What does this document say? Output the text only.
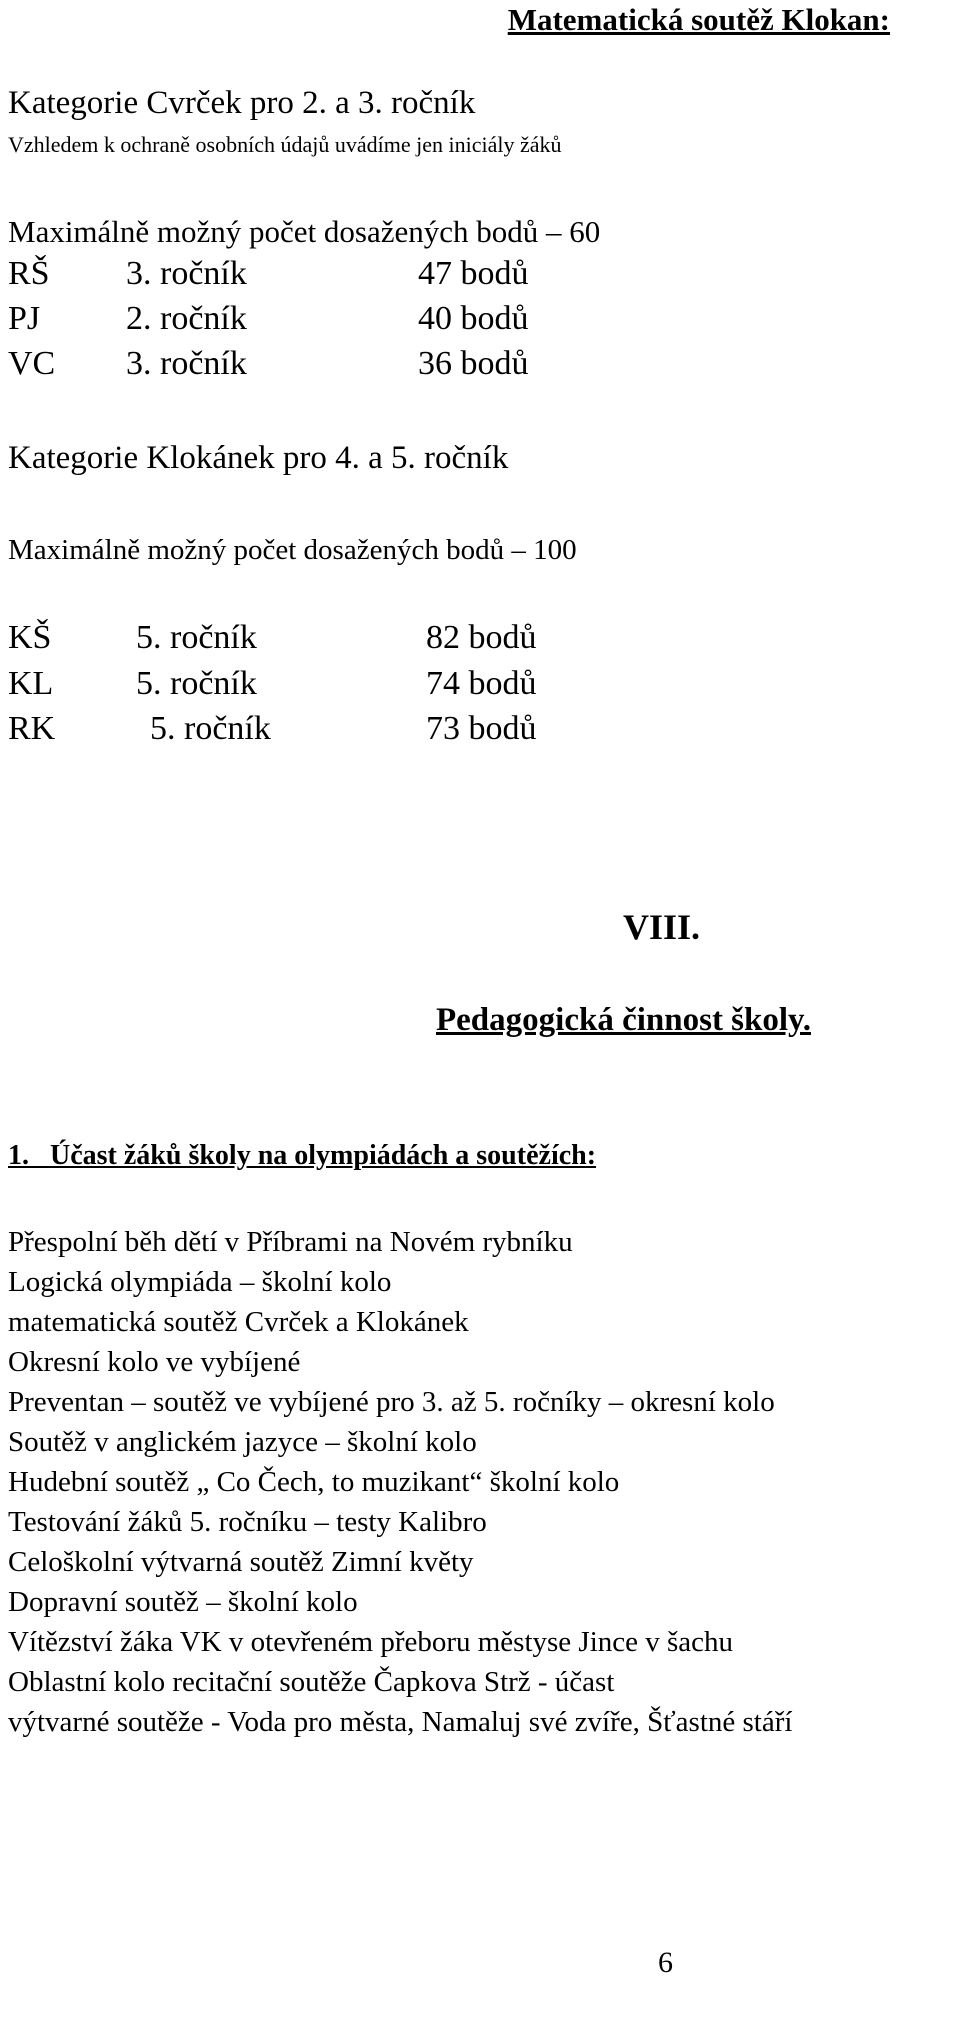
Matematická soutěž Klokan:
Kategorie Cvrček pro 2. a 3. ročník
Vzhledem k ochraně osobních údajů uvádíme jen iniciály žáků
Maximálně možný počet dosažených bodů – 60
RŠ 3. ročník	47 bodů
PJ	2. ročník	40 bodů
VC 3. ročník	36 bodů
Kategorie Klokánek pro 4. a 5. ročník
Maximálně možný počet dosažených bodů – 100
KŠ 5. ročník	82 bodů
KL 5. ročník	74 bodů
RK	5. ročník	73 bodů
VIII.
Pedagogická činnost školy.
1.   Účast žáků školy na olympiádách a soutěžích:
Přespolní běh dětí v Příbrami na Novém rybníku
Logická olympiáda – školní kolo
matematická soutěž Cvrček a Klokánek
Okresní kolo ve vybíjené
Preventan – soutěž ve vybíjené pro 3. až 5. ročníky – okresní kolo
Soutěž v anglickém jazyce – školní kolo
Hudební soutěž „ Co Čech, to muzikant“ školní kolo
Testování žáků 5. ročníku – testy Kalibro
Celoškolní výtvarná soutěž Zimní květy
Dopravní soutěž – školní kolo
Vítězství žáka VK v otevřeném přeboru městyse Jince v šachu
Oblastní kolo recitační soutěže Čapkova Strž - účast
výtvarné soutěže - Voda pro města, Namaluj své zvíře, Šťastné stáří
6
